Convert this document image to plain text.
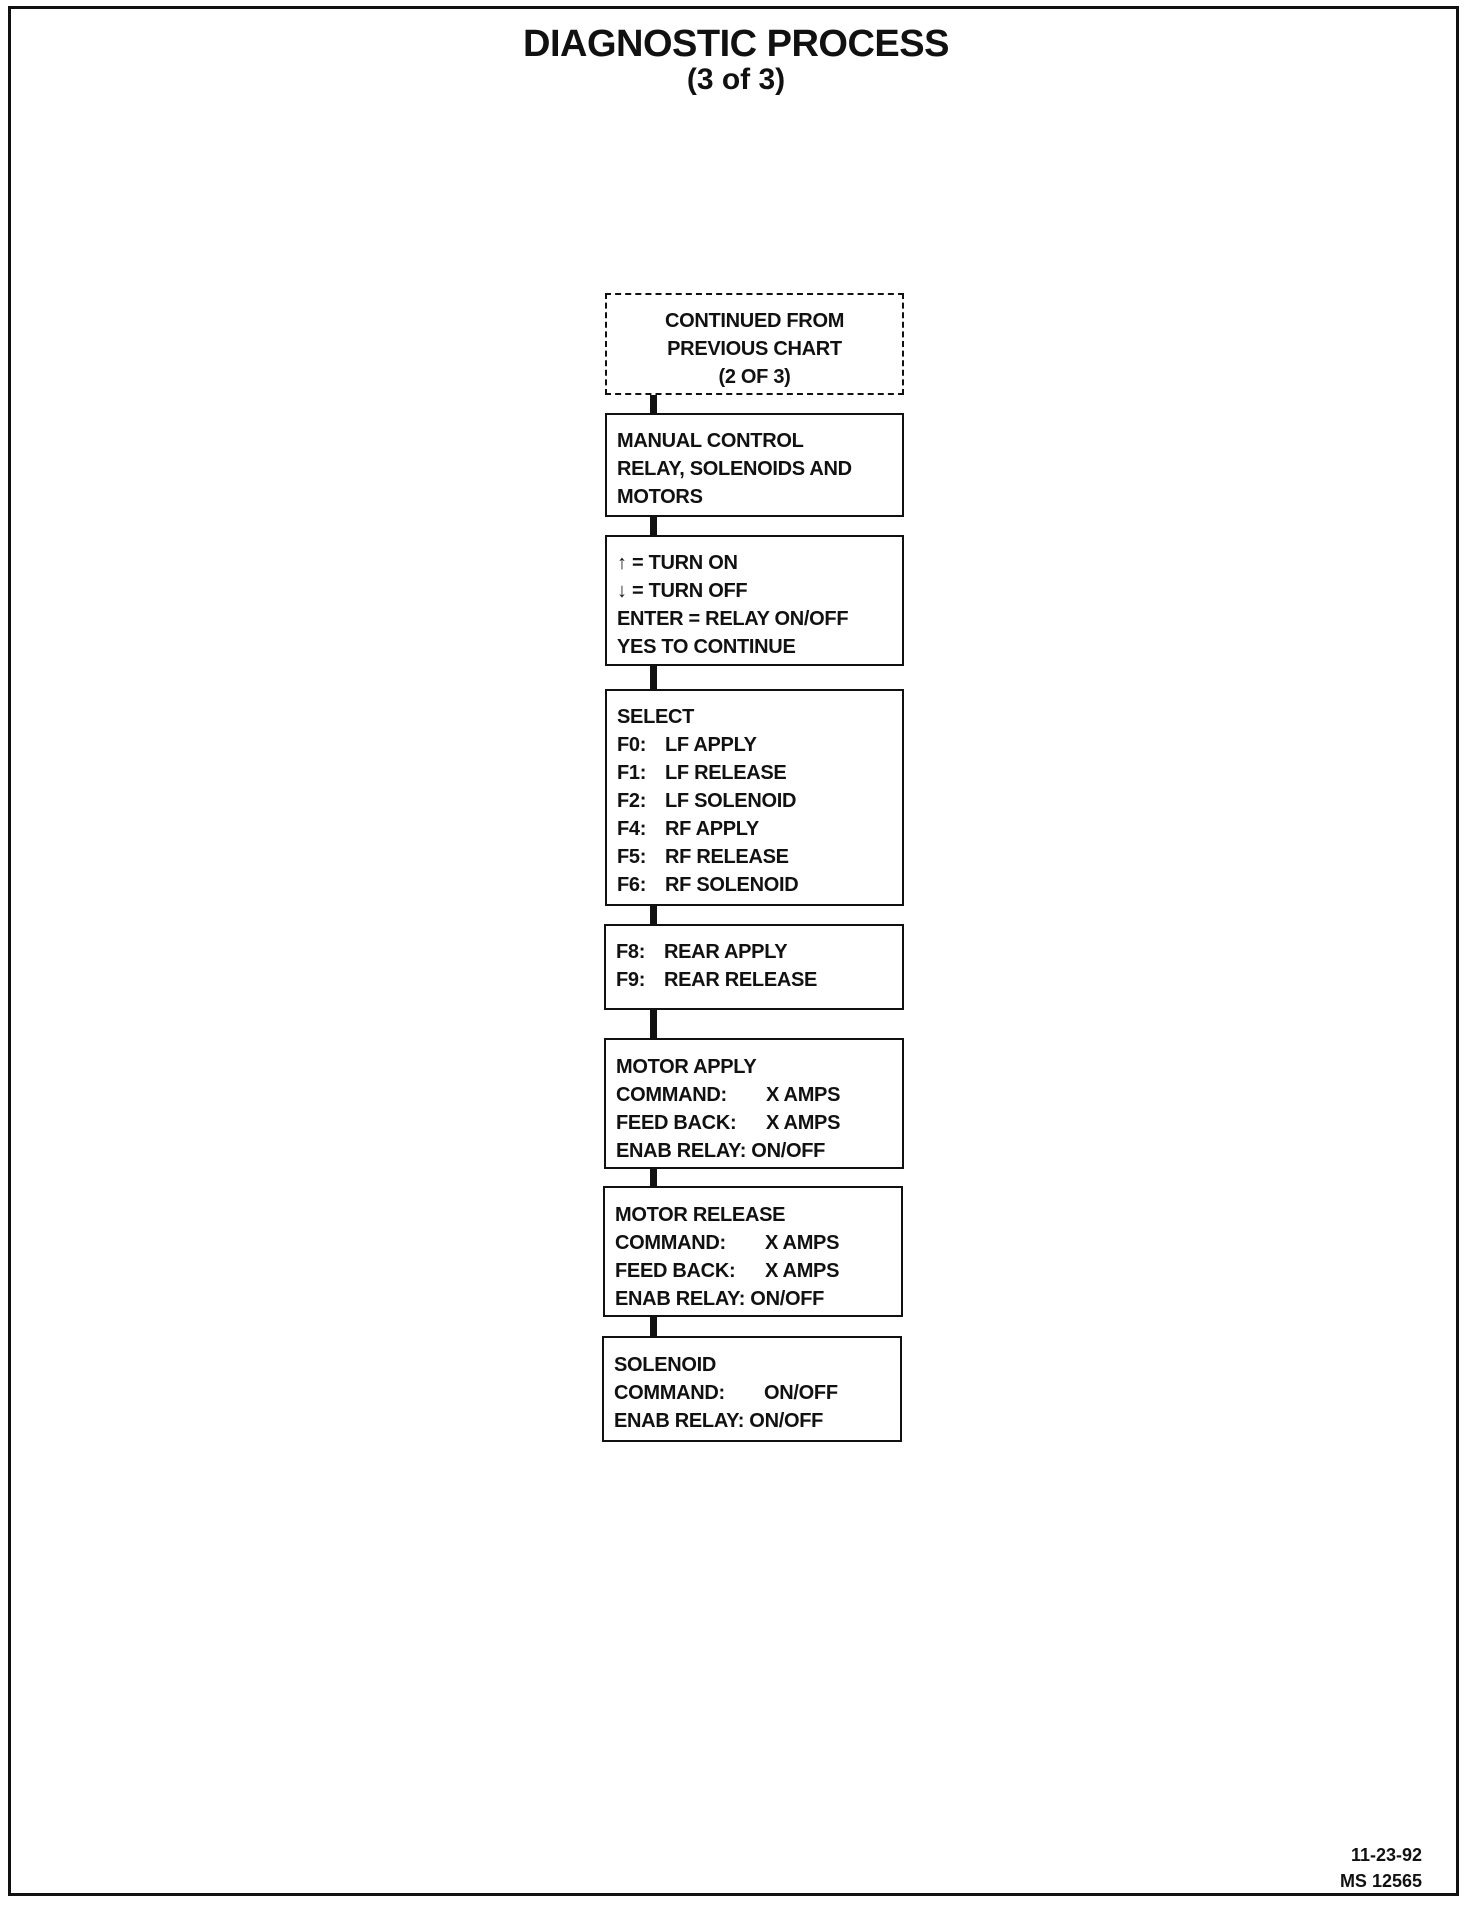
DIAGNOSTIC PROCESS
(3 of 3)
CONTINUED FROM
PREVIOUS CHART
(2 OF 3)
MANUAL CONTROL
RELAY, SOLENOIDS AND
MOTORS
↑ = TURN ON
↓ = TURN OFF
ENTER = RELAY ON/OFF
YES TO CONTINUE
SELECT
F0: LF APPLY
F1: LF RELEASE
F2: LF SOLENOID
F4: RF APPLY
F5: RF RELEASE
F6: RF SOLENOID
F8: REAR APPLY
F9: REAR RELEASE
MOTOR APPLY
COMMAND: X AMPS
FEED BACK: X AMPS
ENAB RELAY: ON/OFF
MOTOR RELEASE
COMMAND: X AMPS
FEED BACK: X AMPS
ENAB RELAY: ON/OFF
SOLENOID
COMMAND: ON/OFF
ENAB RELAY: ON/OFF
11-23-92
MS 12565
